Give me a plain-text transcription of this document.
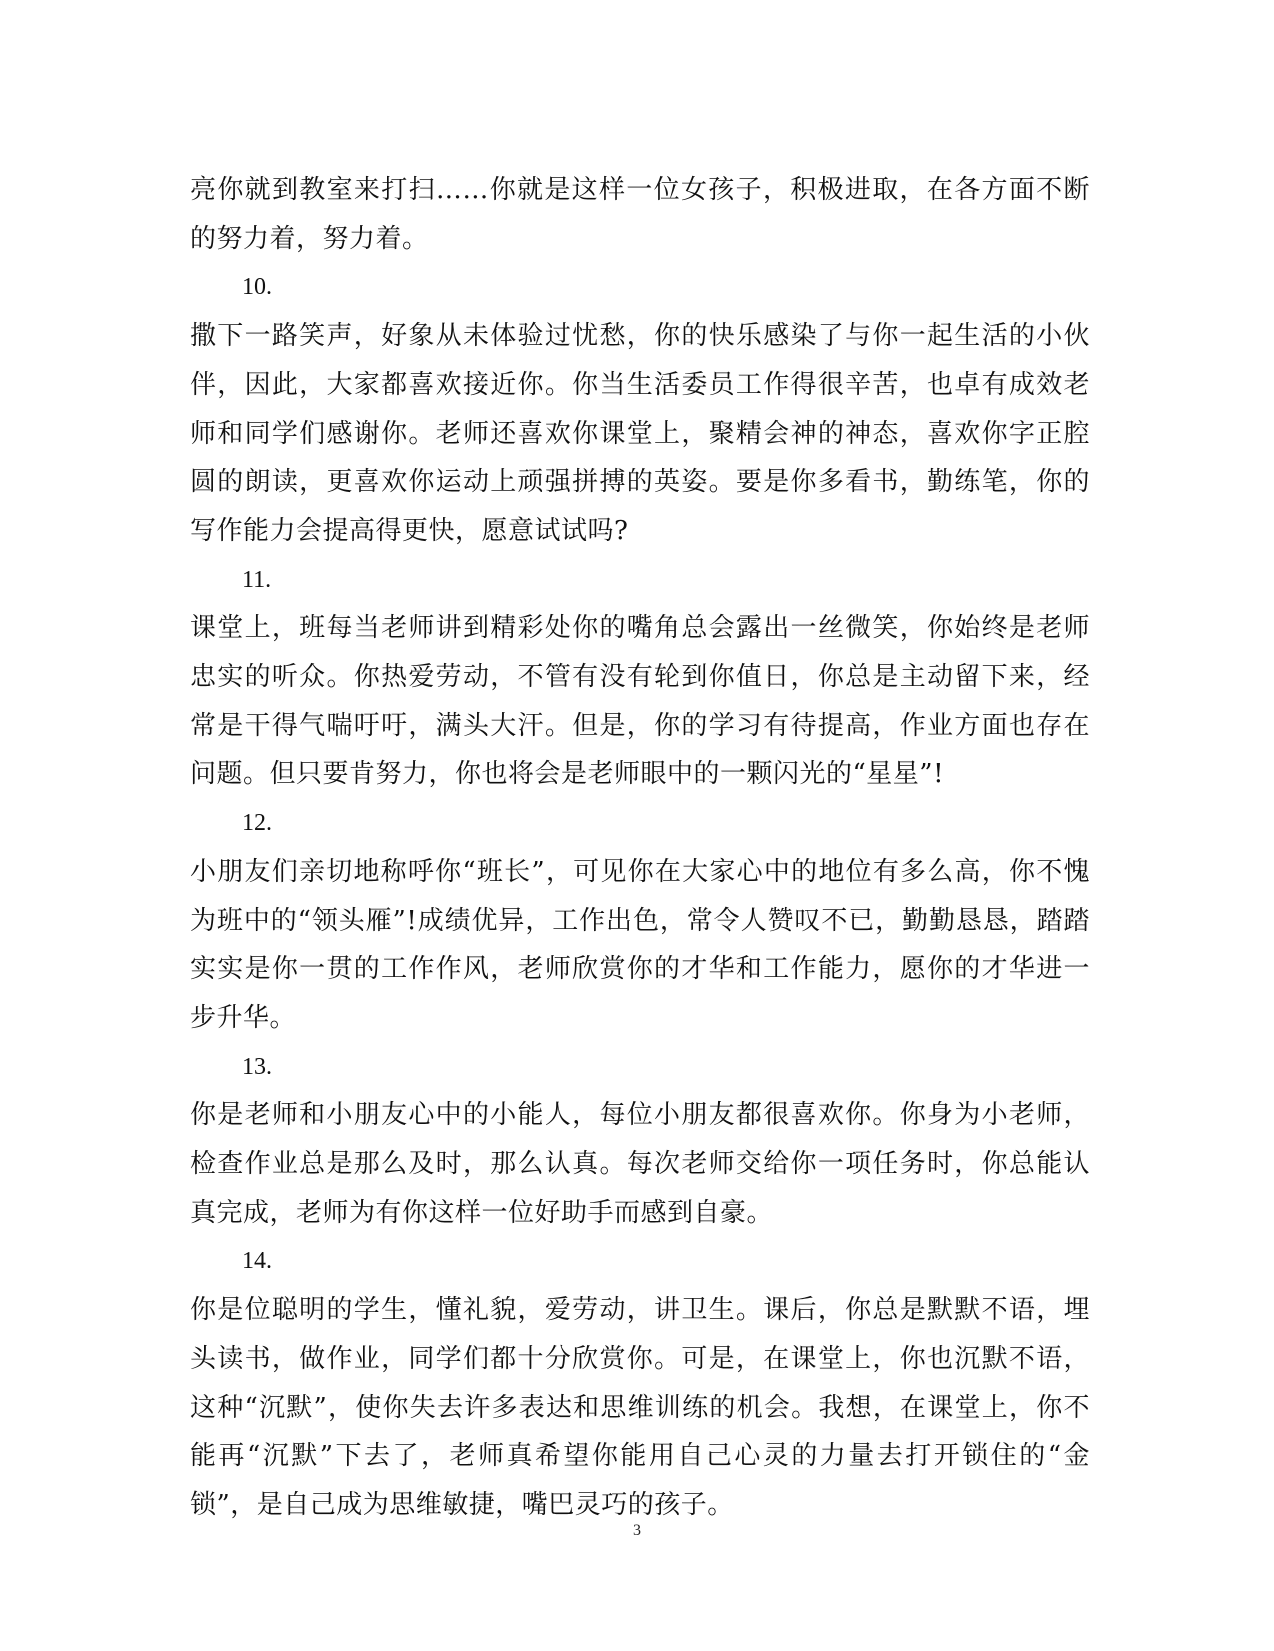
亮你就到教室来打扫……你就是这样一位女孩子，积极进取，在各方面不断的努力着，努力着。

10.

撒下一路笑声，好象从未体验过忧愁，你的快乐感染了与你一起生活的小伙伴，因此，大家都喜欢接近你。你当生活委员工作得很辛苦，也卓有成效老师和同学们感谢你。老师还喜欢你课堂上，聚精会神的神态，喜欢你字正腔圆的朗读，更喜欢你运动上顽强拼搏的英姿。要是你多看书，勤练笔，你的写作能力会提高得更快，愿意试试吗?

11.

课堂上，班每当老师讲到精彩处你的嘴角总会露出一丝微笑，你始终是老师忠实的听众。你热爱劳动，不管有没有轮到你值日，你总是主动留下来，经常是干得气喘吁吁，满头大汗。但是，你的学习有待提高，作业方面也存在问题。但只要肯努力，你也将会是老师眼中的一颗闪光的“星星”!

12.

小朋友们亲切地称呼你“班长”，可见你在大家心中的地位有多么高，你不愧为班中的“领头雁”!成绩优异，工作出色，常令人赞叹不已，勤勤恳恳，踏踏实实是你一贯的工作作风，老师欣赏你的才华和工作能力，愿你的才华进一步升华。

13.

你是老师和小朋友心中的小能人，每位小朋友都很喜欢你。你身为小老师，检查作业总是那么及时，那么认真。每次老师交给你一项任务时，你总能认真完成，老师为有你这样一位好助手而感到自豪。

14.

你是位聪明的学生，懂礼貌，爱劳动，讲卫生。课后，你总是默默不语，埋头读书，做作业，同学们都十分欣赏你。可是，在课堂上，你也沉默不语，这种“沉默”，使你失去许多表达和思维训练的机会。我想，在课堂上，你不能再“沉默”下去了，老师真希望你能用自己心灵的力量去打开锁住的“金锁”，是自己成为思维敏捷，嘴巴灵巧的孩子。

3
